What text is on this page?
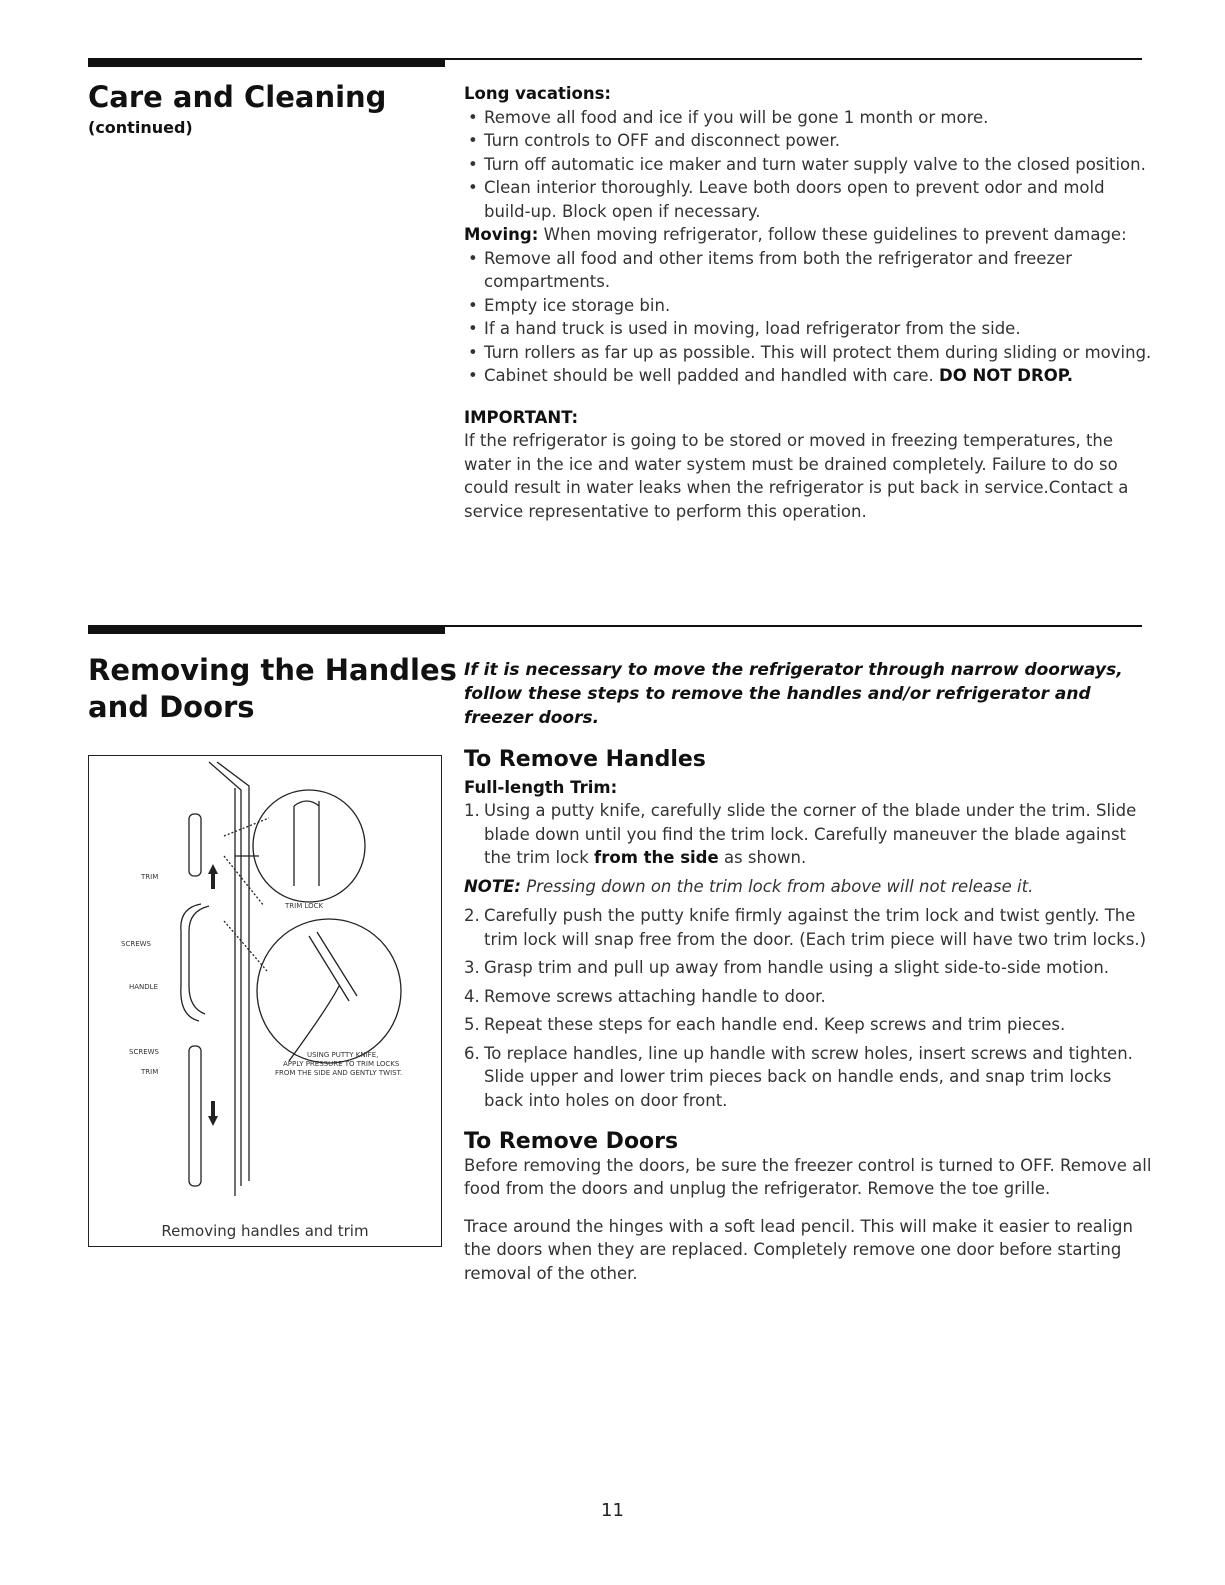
Care and Cleaning
(continued)

Long vacations:

• Remove all food and ice if you will be gone 1 month or more.
• Turn controls to OFF and disconnect power.
• Turn off automatic ice maker and turn water supply valve to the closed position.
• Clean interior thoroughly. Leave both doors open to prevent odor and mold build-up. Block open if necessary.

Moving: When moving refrigerator, follow these guidelines to prevent damage:

• Remove all food and other items from both the refrigerator and freezer compartments.
• Empty ice storage bin.
• If a hand truck is used in moving, load refrigerator from the side.
• Turn rollers as far up as possible. This will protect them during sliding or moving.
• Cabinet should be well padded and handled with care. DO NOT DROP.

IMPORTANT:

If the refrigerator is going to be stored or moved in freezing temperatures, the water in the ice and water system must be drained completely. Failure to do so could result in water leaks when the refrigerator is put back in service.Contact a service representative to perform this operation.

Removing the Handles
and Doors
TRIM
SCREWS
HANDLE
SCREWS
TRIM
TRIM LOCK
USING PUTTY KNIFE,
APPLY PRESSURE TO TRIM LOCKS
FROM THE SIDE AND GENTLY TWIST.
Removing handles and trim

If it is necessary to move the refrigerator through narrow doorways, follow these steps to remove the handles and/or refrigerator and freezer doors.

To Remove Handles

Full-length Trim:

1. Using a putty knife, carefully slide the corner of the blade under the trim. Slide blade down until you find the trim lock. Carefully maneuver the blade against the trim lock from the side as shown.

NOTE: Pressing down on the trim lock from above will not release it.

2. Carefully push the putty knife firmly against the trim lock and twist gently. The trim lock will snap free from the door. (Each trim piece will have two trim locks.)
3. Grasp trim and pull up away from handle using a slight side-to-side motion.
4. Remove screws attaching handle to door.
5. Repeat these steps for each handle end. Keep screws and trim pieces.
6. To replace handles, line up handle with screw holes, insert screws and tighten. Slide upper and lower trim pieces back on handle ends, and snap trim locks back into holes on door front.

To Remove Doors

Before removing the doors, be sure the freezer control is turned to OFF. Remove all food from the doors and unplug the refrigerator. Remove the toe grille.

Trace around the hinges with a soft lead pencil. This will make it easier to realign the doors when they are replaced. Completely remove one door before starting removal of the other.

11
